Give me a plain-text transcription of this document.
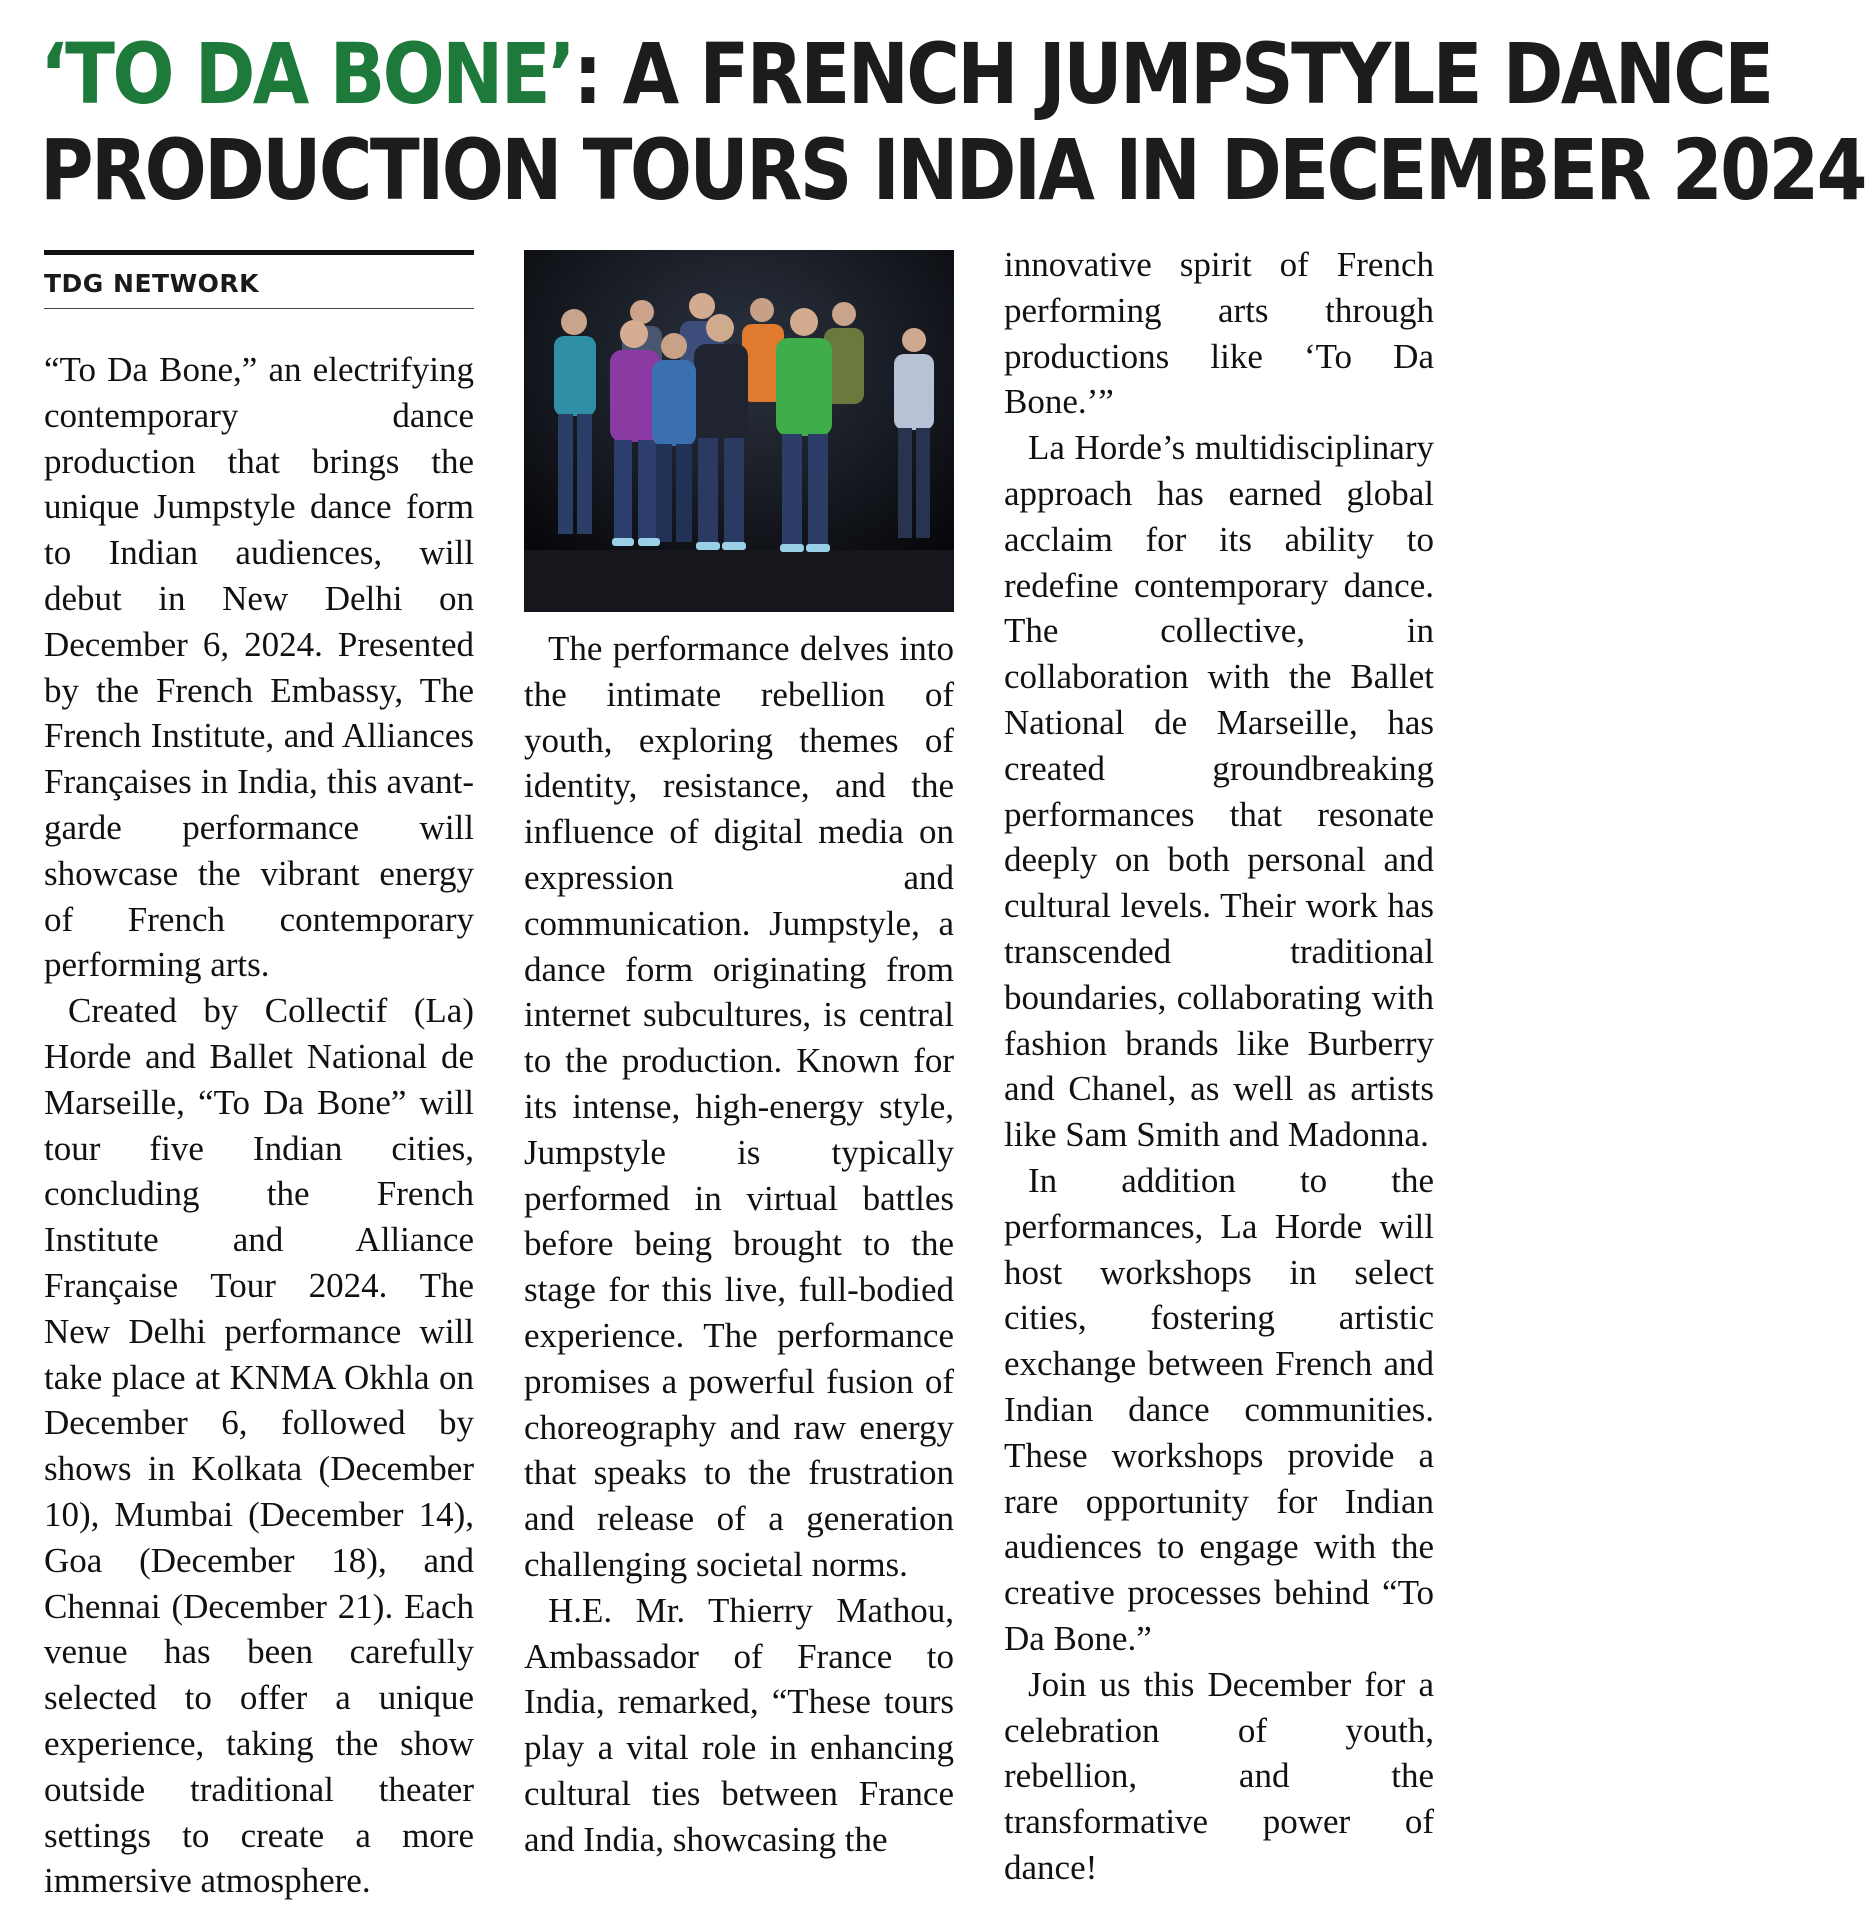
‘TO DA BONE’: A FRENCH JUMPSTYLE DANCE
PRODUCTION TOURS INDIA IN DECEMBER 2024
TDG NETWORK

“To Da Bone,” an electrifying contemporary dance production that brings the unique Jumpstyle dance form to Indian audiences, will debut in New Delhi on December 6, 2024. Presented by the French Embassy, The French Institute, and Alliances Françaises in India, this avant-garde performance will showcase the vibrant energy of French contemporary performing arts.

Created by Collectif (La) Horde and Ballet National de Marseille, “To Da Bone” will tour five Indian cities, concluding the French Institute and Alliance Française Tour 2024. The New Delhi performance will take place at KNMA Okhla on December 6, followed by shows in Kolkata (December 10), Mumbai (December 14), Goa (December 18), and Chennai (December 21). Each venue has been carefully selected to offer a unique experience, taking the show outside traditional theater settings to create a more immersive atmosphere.

The performance delves into the intimate rebellion of youth, exploring themes of identity, resistance, and the influence of digital media on expression and communication. Jumpstyle, a dance form originating from internet subcultures, is central to the production. Known for its intense, high-energy style, Jumpstyle is typically performed in virtual battles before being brought to the stage for this live, full-bodied experience. The performance promises a powerful fusion of choreography and raw energy that speaks to the frustration and release of a generation challenging societal norms.

H.E. Mr. Thierry Mathou, Ambassador of France to India, remarked, “These tours play a vital role in enhancing cultural ties between France and India, showcasing the

innovative spirit of French performing arts through productions like ‘To Da Bone.’”

La Horde’s multidisciplinary approach has earned global acclaim for its ability to redefine contemporary dance. The collective, in collaboration with the Ballet National de Marseille, has created groundbreaking performances that resonate deeply on both personal and cultural levels. Their work has transcended traditional boundaries, collaborating with fashion brands like Burberry and Chanel, as well as artists like Sam Smith and Madonna.

In addition to the performances, La Horde will host workshops in select cities, fostering artistic exchange between French and Indian dance communities. These workshops provide a rare opportunity for Indian audiences to engage with the creative processes behind “To Da Bone.”

Join us this December for a celebration of youth, rebellion, and the transformative power of dance!
